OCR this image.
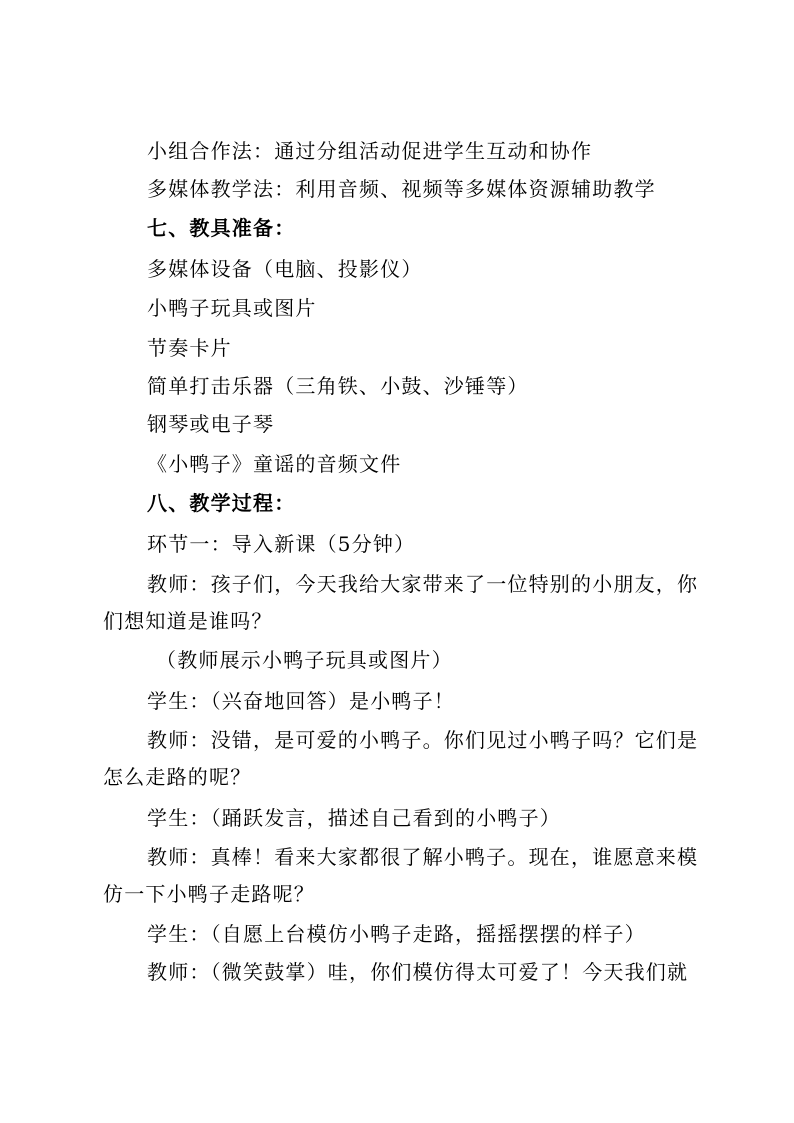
小组合作法：通过分组活动促进学生互动和协作
多媒体教学法：利用音频、视频等多媒体资源辅助教学
七、教具准备：
多媒体设备（电脑、投影仪）
小鸭子玩具或图片
节奏卡片
简单打击乐器（三角铁、小鼓、沙锤等）
钢琴或电子琴
《小鸭子》童谣的音频文件
八、教学过程：
环节一：导入新课（5分钟）
教师：孩子们，今天我给大家带来了一位特别的小朋友，你
们想知道是谁吗？
（教师展示小鸭子玩具或图片）
学生：（兴奋地回答）是小鸭子！
教师：没错，是可爱的小鸭子。你们见过小鸭子吗？它们是
怎么走路的呢？
学生：（踊跃发言，描述自己看到的小鸭子）
教师：真棒！看来大家都很了解小鸭子。现在，谁愿意来模
仿一下小鸭子走路呢？
学生：（自愿上台模仿小鸭子走路，摇摇摆摆的样子）
教师：（微笑鼓掌）哇，你们模仿得太可爱了！今天我们就
